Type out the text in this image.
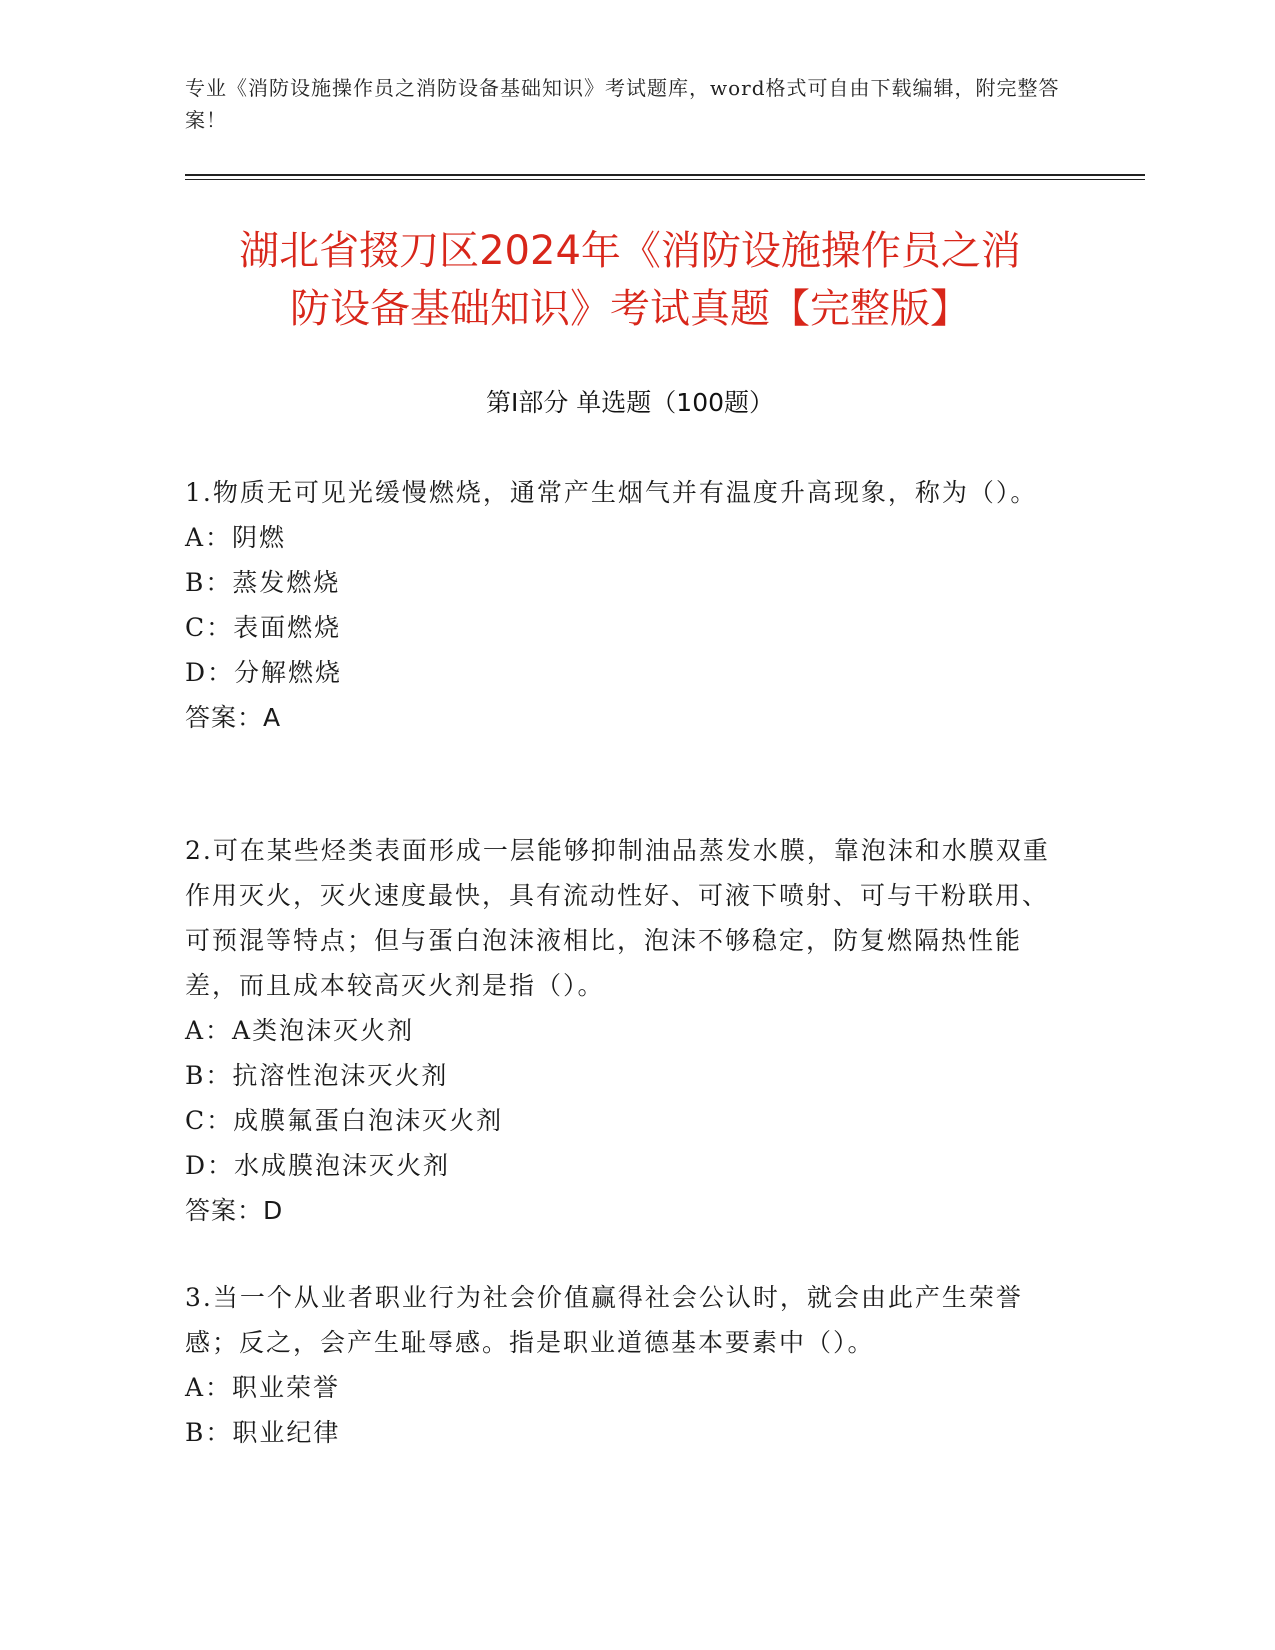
专业《消防设施操作员之消防设备基础知识》考试题库，word格式可自由下载编辑，附完整答案！
湖北省掇刀区2024年《消防设施操作员之消
防设备基础知识》考试真题【完整版】
第Ⅰ部分 单选题（100题）

1.物质无可见光缓慢燃烧，通常产生烟气并有温度升高现象，称为（）。

A：阴燃

B：蒸发燃烧

C：表面燃烧

D：分解燃烧

答案：A

2.可在某些烃类表面形成一层能够抑制油品蒸发水膜，靠泡沫和水膜双重作用灭火，灭火速度最快，具有流动性好、可液下喷射、可与干粉联用、可预混等特点；但与蛋白泡沫液相比，泡沫不够稳定，防复燃隔热性能差，而且成本较高灭火剂是指（）。

A：A类泡沫灭火剂

B：抗溶性泡沫灭火剂

C：成膜氟蛋白泡沫灭火剂

D：水成膜泡沫灭火剂

答案：D

3.当一个从业者职业行为社会价值赢得社会公认时，就会由此产生荣誉感；反之，会产生耻辱感。指是职业道德基本要素中（）。

A：职业荣誉

B：职业纪律
